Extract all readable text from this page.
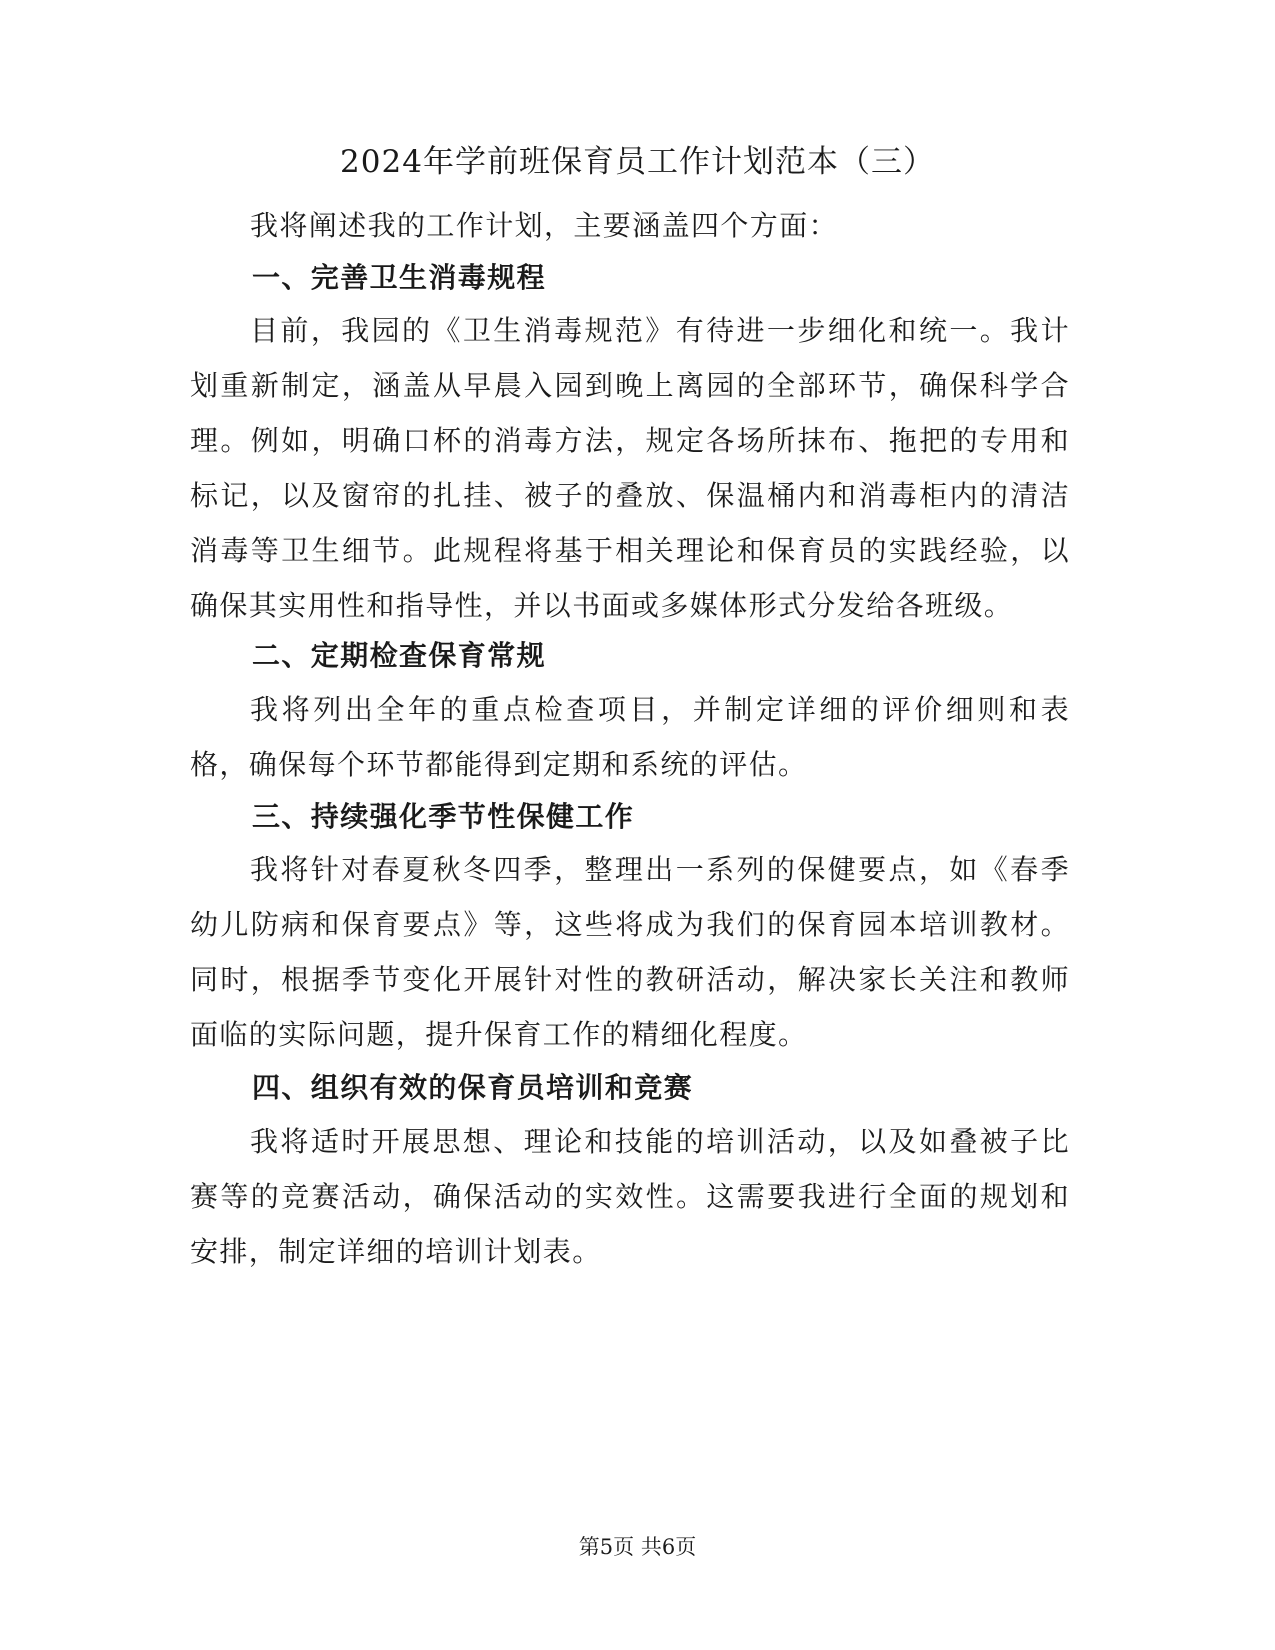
2024年学前班保育员工作计划范本（三）

我将阐述我的工作计划，主要涵盖四个方面：

一、完善卫生消毒规程

目前，我园的《卫生消毒规范》有待进一步细化和统一。我计划重新制定，涵盖从早晨入园到晚上离园的全部环节，确保科学合理。例如，明确口杯的消毒方法，规定各场所抹布、拖把的专用和标记，以及窗帘的扎挂、被子的叠放、保温桶内和消毒柜内的清洁消毒等卫生细节。此规程将基于相关理论和保育员的实践经验，以确保其实用性和指导性，并以书面或多媒体形式分发给各班级。

二、定期检查保育常规

我将列出全年的重点检查项目，并制定详细的评价细则和表格，确保每个环节都能得到定期和系统的评估。

三、持续强化季节性保健工作

我将针对春夏秋冬四季，整理出一系列的保健要点，如《春季幼儿防病和保育要点》等，这些将成为我们的保育园本培训教材。同时，根据季节变化开展针对性的教研活动，解决家长关注和教师面临的实际问题，提升保育工作的精细化程度。

四、组织有效的保育员培训和竞赛

我将适时开展思想、理论和技能的培训活动，以及如叠被子比赛等的竞赛活动，确保活动的实效性。这需要我进行全面的规划和安排，制定详细的培训计划表。

第5页 共6页
